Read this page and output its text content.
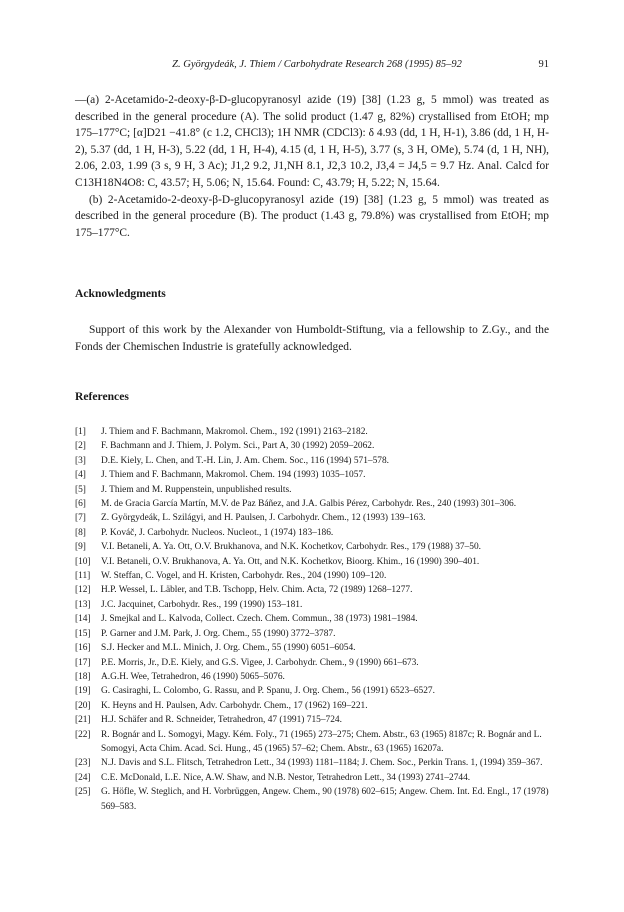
Z. Györgydeák, J. Thiem / Carbohydrate Research 268 (1995) 85–92	91

—(a) 2-Acetamido-2-deoxy-β-D-glucopyranosyl azide (19) [38] (1.23 g, 5 mmol) was treated as described in the general procedure (A). The solid product (1.47 g, 82%) crystallised from EtOH; mp 175–177°C; [α]D21 −41.8° (c 1.2, CHCl3); 1H NMR (CDCl3): δ 4.93 (dd, 1 H, H-1), 3.86 (dd, 1 H, H-2), 5.37 (dd, 1 H, H-3), 5.22 (dd, 1 H, H-4), 4.15 (d, 1 H, H-5), 3.77 (s, 3 H, OMe), 5.74 (d, 1 H, NH), 2.06, 2.03, 1.99 (3 s, 9 H, 3 Ac); J1,2 9.2, J1,NH 8.1, J2,3 10.2, J3,4 = J4,5 = 9.7 Hz. Anal. Calcd for C13H18N4O8: C, 43.57; H, 5.06; N, 15.64. Found: C, 43.79; H, 5.22; N, 15.64.

(b) 2-Acetamido-2-deoxy-β-D-glucopyranosyl azide (19) [38] (1.23 g, 5 mmol) was treated as described in the general procedure (B). The product (1.43 g, 79.8%) was crystallised from EtOH; mp 175–177°C.

Acknowledgments
Support of this work by the Alexander von Humboldt-Stiftung, via a fellowship to Z.Gy., and the Fonds der Chemischen Industrie is gratefully acknowledged.
References
[1]	J. Thiem and F. Bachmann, Makromol. Chem., 192 (1991) 2163–2182.
[2]	F. Bachmann and J. Thiem, J. Polym. Sci., Part A, 30 (1992) 2059–2062.
[3]	D.E. Kiely, L. Chen, and T.-H. Lin, J. Am. Chem. Soc., 116 (1994) 571–578.
[4]	J. Thiem and F. Bachmann, Makromol. Chem. 194 (1993) 1035–1057.
[5]	J. Thiem and M. Ruppenstein, unpublished results.
[6]	M. de Gracia García Martín, M.V. de Paz Báñez, and J.A. Galbis Pérez, Carbohydr. Res., 240 (1993) 301–306.
[7]	Z. Györgydeák, L. Szilágyi, and H. Paulsen, J. Carbohydr. Chem., 12 (1993) 139–163.
[8]	P. Kováč, J. Carbohydr. Nucleos. Nucleot., 1 (1974) 183–186.
[9]	V.I. Betaneli, A. Ya. Ott, O.V. Brukhanova, and N.K. Kochetkov, Carbohydr. Res., 179 (1988) 37–50.
[10]	V.I. Betaneli, O.V. Brukhanova, A. Ya. Ott, and N.K. Kochetkov, Bioorg. Khim., 16 (1990) 390–401.
[11]	W. Steffan, C. Vogel, and H. Kristen, Carbohydr. Res., 204 (1990) 109–120.
[12]	H.P. Wessel, L. Läbler, and T.B. Tschopp, Helv. Chim. Acta, 72 (1989) 1268–1277.
[13]	J.C. Jacquinet, Carbohydr. Res., 199 (1990) 153–181.
[14]	J. Smejkal and L. Kalvoda, Collect. Czech. Chem. Commun., 38 (1973) 1981–1984.
[15]	P. Garner and J.M. Park, J. Org. Chem., 55 (1990) 3772–3787.
[16]	S.J. Hecker and M.L. Minich, J. Org. Chem., 55 (1990) 6051–6054.
[17]	P.E. Morris, Jr., D.E. Kiely, and G.S. Vigee, J. Carbohydr. Chem., 9 (1990) 661–673.
[18]	A.G.H. Wee, Tetrahedron, 46 (1990) 5065–5076.
[19]	G. Casiraghi, L. Colombo, G. Rassu, and P. Spanu, J. Org. Chem., 56 (1991) 6523–6527.
[20]	K. Heyns and H. Paulsen, Adv. Carbohydr. Chem., 17 (1962) 169–221.
[21]	H.J. Schäfer and R. Schneider, Tetrahedron, 47 (1991) 715–724.
[22]	R. Bognár and L. Somogyi, Magy. Kém. Foly., 71 (1965) 273–275; Chem. Abstr., 63 (1965) 8187c; R. Bognár and L. Somogyi, Acta Chim. Acad. Sci. Hung., 45 (1965) 57–62; Chem. Abstr., 63 (1965) 16207a.
[23]	N.J. Davis and S.L. Flitsch, Tetrahedron Lett., 34 (1993) 1181–1184; J. Chem. Soc., Perkin Trans. 1, (1994) 359–367.
[24]	C.E. McDonald, L.E. Nice, A.W. Shaw, and N.B. Nestor, Tetrahedron Lett., 34 (1993) 2741–2744.
[25]	G. Höfle, W. Steglich, and H. Vorbrüggen, Angew. Chem., 90 (1978) 602–615; Angew. Chem. Int. Ed. Engl., 17 (1978) 569–583.
